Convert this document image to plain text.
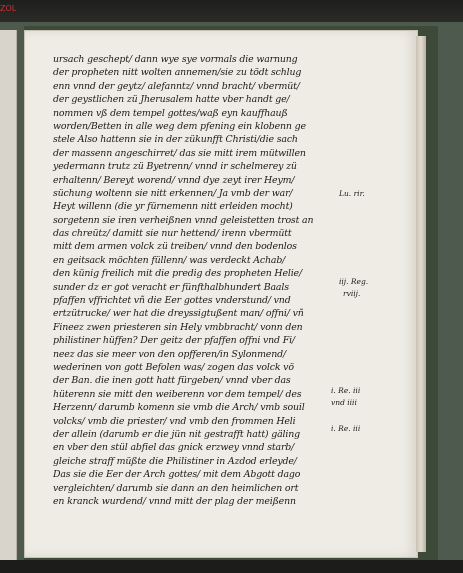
ZOL
ursach geschept/ dann wye sye vormals die warnung
der propheten nitt wolten annemen/sie zu tödt schlug
enn vnnd der geytz/ alefanntz/ vnnd bracht/ vbermüt/
der geystlichen zü Jherusalem hatte vber handt ge/
nommen vß dem tempel gottes/waß eyn kauffhauß
worden/Betten in alle weg dem pfening ein klobenn ge
stele Also hattenn sie in der zükunfft Christi/die sach
der massenn angeschirret/ das sie mitt irem mütwillen
yedermann trutz zü Byetrenn/ vnnd ir schelmerey zü
erhaltenn/ Bereyt worend/ vnnd dye zeyt irer Heym/
süchung woltenn sie nitt erkennen/ Ja vmb der war/
Heyt willenn (die yr fürnemenn nitt erleiden mocht)
sorgetenn sie iren verheißnen vnnd geleistetten trost an
das chreütz/ damitt sie nur hettend/ irenn vbermütt
mitt dem armen volck zü treiben/ vnnd den bodenlos
en geitsack möchten füllenn/ was verdeckt Achab/
den künig freilich mit die predig des propheten Helie/
sunder dz er got veracht er fünfthalbhundert Baals
pfaffen vffrichtet vñ die Eer gottes vnderstund/ vnd
ertzütrucke/ wer hat die dreyssigtußent man/ offni/ vñ
Fineez zwen priesteren sin Hely vmbbracht/ vonn den
philistiner hüffen? Der geitz der pfaffen offni vnd Fi/
neez das sie meer von den opfferen/in Sylonmend/
wederinen von gott Befolen was/ zogen das volck vö
der Ban. die inen gott hatt fürgeben/ vnnd vber das
hüterenn sie mitt den weiberenn vor dem tempel/ des
Herzenn/ darumb komenn sie vmb die Arch/ vmb souil
volcks/ vmb die priester/ vnd vmb den frommen Heli
der allein (darumb er die jün nit gestrafft hatt) gäling
en vber den stül abfiel das gnick erzwey vnnd starb/
gleiche straff müßte die Philistiner in Azdod erleyde/
Das sie die Eer der Arch gottes/ mit dem Abgott dago
vergleichten/ darumb sie dann an den heimlichen ort
en kranck wurdend/ vnnd mitt der plag der meißenn
Lu. rir.
iij. Reg.
rviij.
i. Re. iii
vnd iiii
i. Re. iii
